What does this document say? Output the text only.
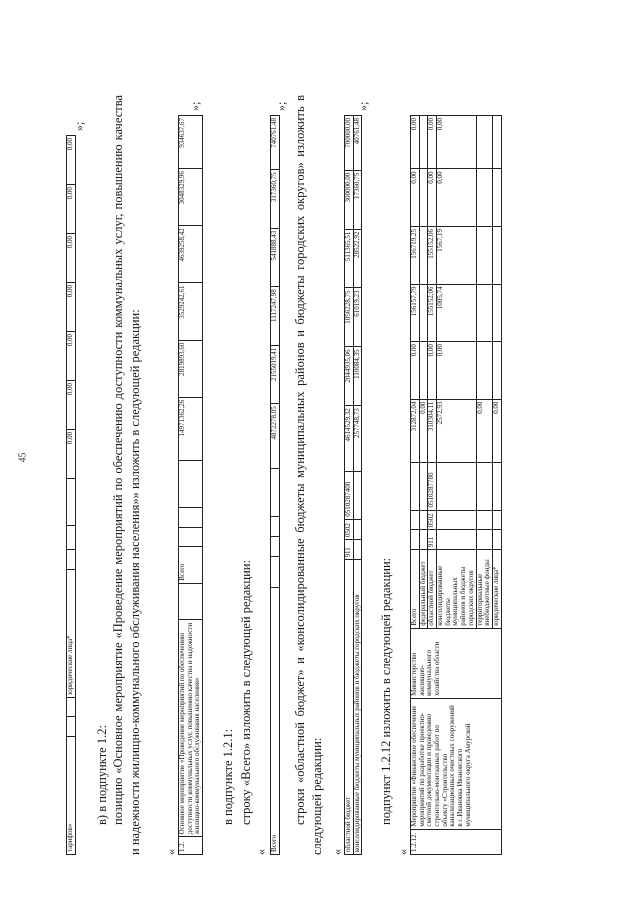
45
тарифов»			юридические лица*				0,00	0,00	0,00	0,00	0,00	0,00	0,00
»;
в) в подпункте 1.2: позицию «Основное мероприятие «Проведение мероприятий по обеспечению доступности коммунальных услуг, повышению качества и надежности жилищно-коммунального обслуживания населения»» изложить в следующей редакции: « 1.2.	Основное мероприятие «Проведение мероприятий по обеспечению доступности коммунальных услуг, повышению качества и надежности жилищно-коммунального обслуживания населения»		Всего				14971362,26	2819893,60	3529242,61	4639258,42	3048329,96	934637,67
»;
в подпункте 1.2.1: строку «Всего» изложить в следующей редакции:
« Всего					4872278,05	2155019,41	1117247,98	541888,43	317360,75	740761,48
»; строки «областной бюджет» и «консолидированные бюджеты муниципальных районов и бюджеты городских округов» изложить в следующей редакции: « областной бюджет	911	0502	0510287400	4614529,32	2044935,06	1056228,75	511365,51	300000,00	700000,00
консолидированные бюджеты муниципальных районов и бюджеты городских округов				257748,73	110084,35	61019,23	28522,92	17360,75	40761,48
»;
подпункт 1.2.12 изложить в следующей редакции:
« 1.2.12.	Мероприятие «Финансовое обеспечение мероприятий по разработке проектно-сметной документации и проведению строительно-монтажных работ по объекту «Строительство канализационных очистных сооружений в с.Ивановка Ивановского муниципального округа Амурской	Министерство жилищно-коммунального хозяйства области	Всего				312872,04	0,00	156157,79	156719,25	0,00	0,00
			федеральный бюджет				0,00					
			областной бюджет	911	0502	0510287780	310304,11	0,00	155152,06	155152,06	0,00	0,00
			консолидированные бюджеты муниципальных районов и бюджеты городских округов				2572,93	0,00	1005,74	1567,19	0,00	0,00
			территориальные внебюджетные фонды				0,00					
			юридические лица*				0,00					
